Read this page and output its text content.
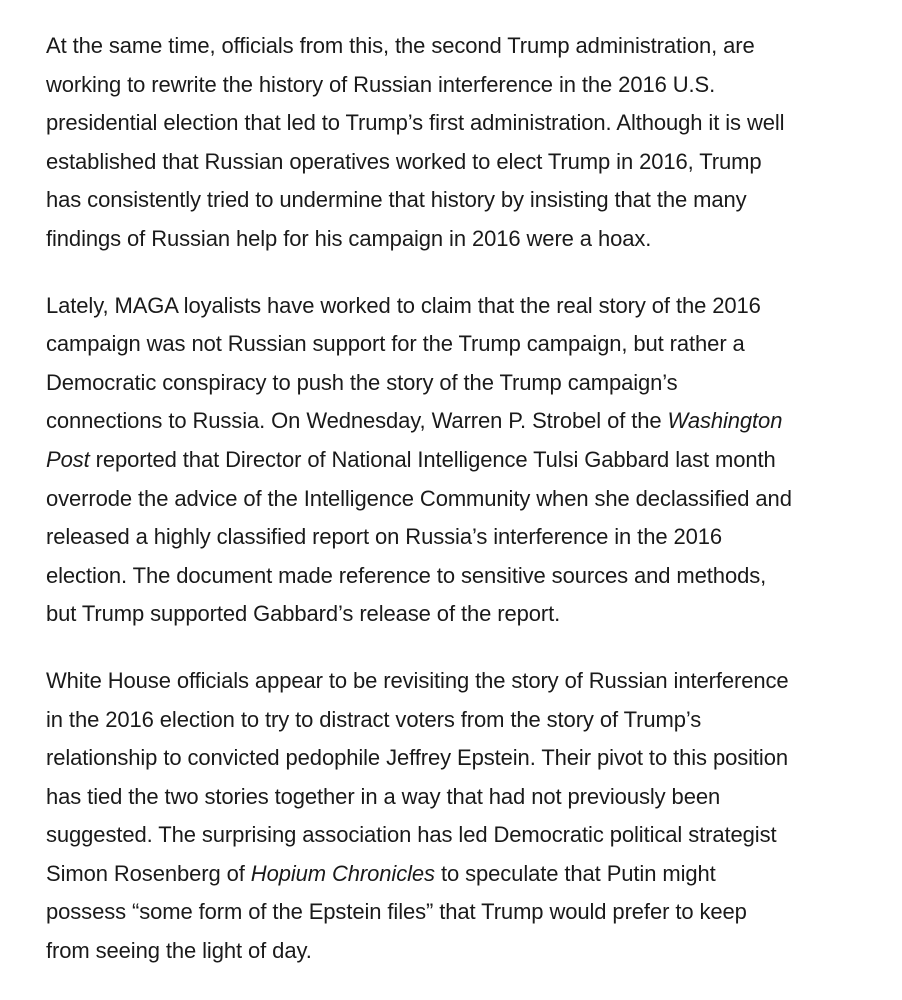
At the same time, officials from this, the second Trump administration, are
working to rewrite the history of Russian interference in the 2016 U.S.
presidential election that led to Trump’s first administration. Although it is well
established that Russian operatives worked to elect Trump in 2016, Trump
has consistently tried to undermine that history by insisting that the many
findings of Russian help for his campaign in 2016 were a hoax.

Lately, MAGA loyalists have worked to claim that the real story of the 2016
campaign was not Russian support for the Trump campaign, but rather a
Democratic conspiracy to push the story of the Trump campaign’s
connections to Russia. On Wednesday, Warren P. Strobel of the Washington
Post reported that Director of National Intelligence Tulsi Gabbard last month
overrode the advice of the Intelligence Community when she declassified and
released a highly classified report on Russia’s interference in the 2016
election. The document made reference to sensitive sources and methods,
but Trump supported Gabbard’s release of the report.

White House officials appear to be revisiting the story of Russian interference
in the 2016 election to try to distract voters from the story of Trump’s
relationship to convicted pedophile Jeffrey Epstein. Their pivot to this position
has tied the two stories together in a way that had not previously been
suggested. The surprising association has led Democratic political strategist
Simon Rosenberg of Hopium Chronicles to speculate that Putin might
possess “some form of the Epstein files” that Trump would prefer to keep
from seeing the light of day.
